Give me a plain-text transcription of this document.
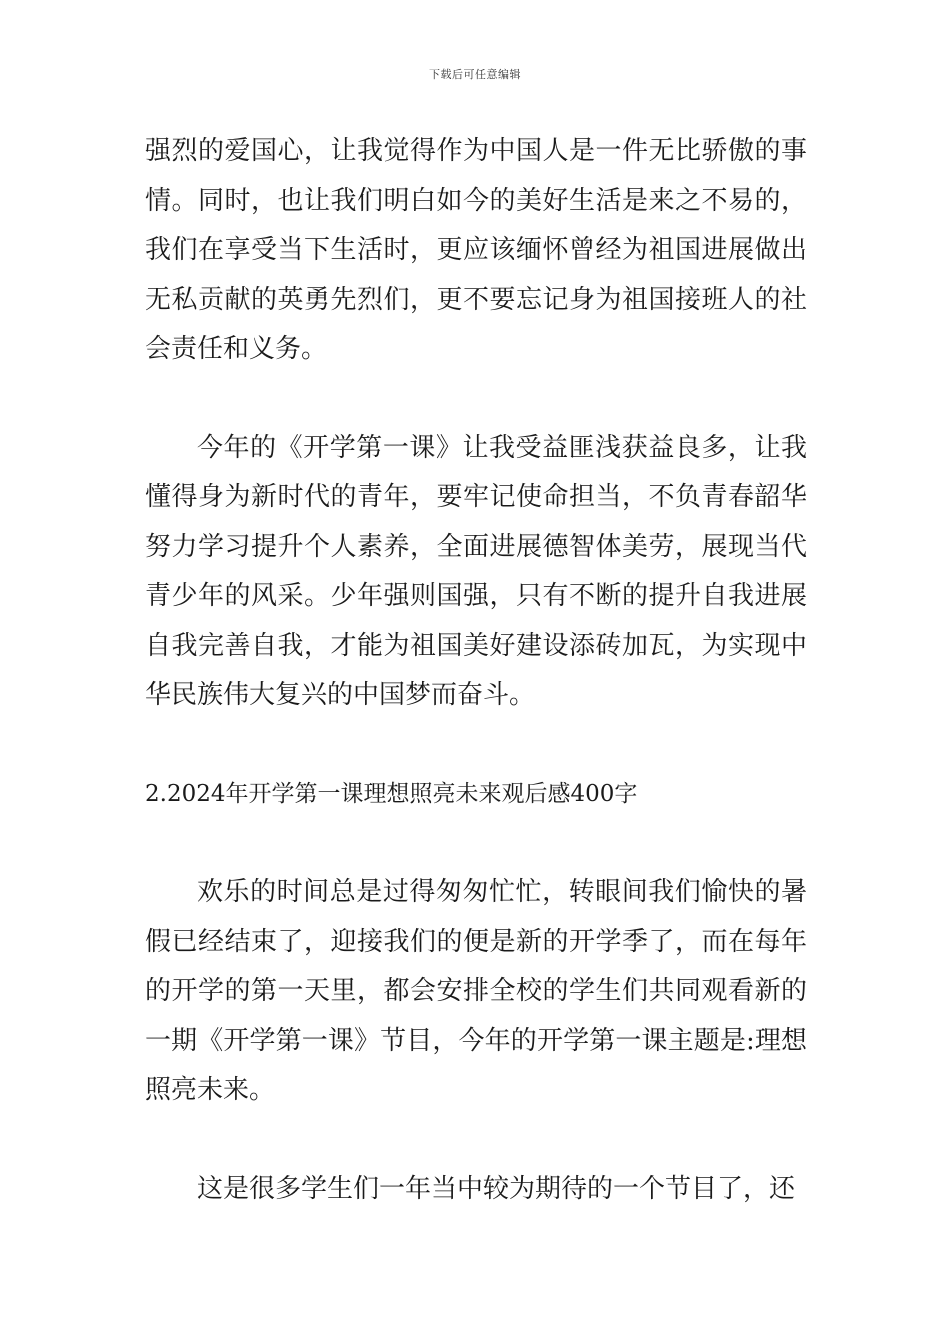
下载后可任意编辑

强烈的爱国心，让我觉得作为中国人是一件无比骄傲的事情。同时，也让我们明白如今的美好生活是来之不易的，我们在享受当下生活时，更应该缅怀曾经为祖国进展做出无私贡献的英勇先烈们，更不要忘记身为祖国接班人的社会责任和义务。

今年的《开学第一课》让我受益匪浅获益良多，让我懂得身为新时代的青年，要牢记使命担当，不负青春韶华努力学习提升个人素养，全面进展德智体美劳，展现当代青少年的风采。少年强则国强，只有不断的提升自我进展自我完善自我，才能为祖国美好建设添砖加瓦，为实现中华民族伟大复兴的中国梦而奋斗。

2.2024年开学第一课理想照亮未来观后感400字

欢乐的时间总是过得匆匆忙忙，转眼间我们愉快的暑假已经结束了，迎接我们的便是新的开学季了，而在每年的开学的第一天里，都会安排全校的学生们共同观看新的一期《开学第一课》节目，今年的开学第一课主题是:理想照亮未来。

这是很多学生们一年当中较为期待的一个节目了，还
